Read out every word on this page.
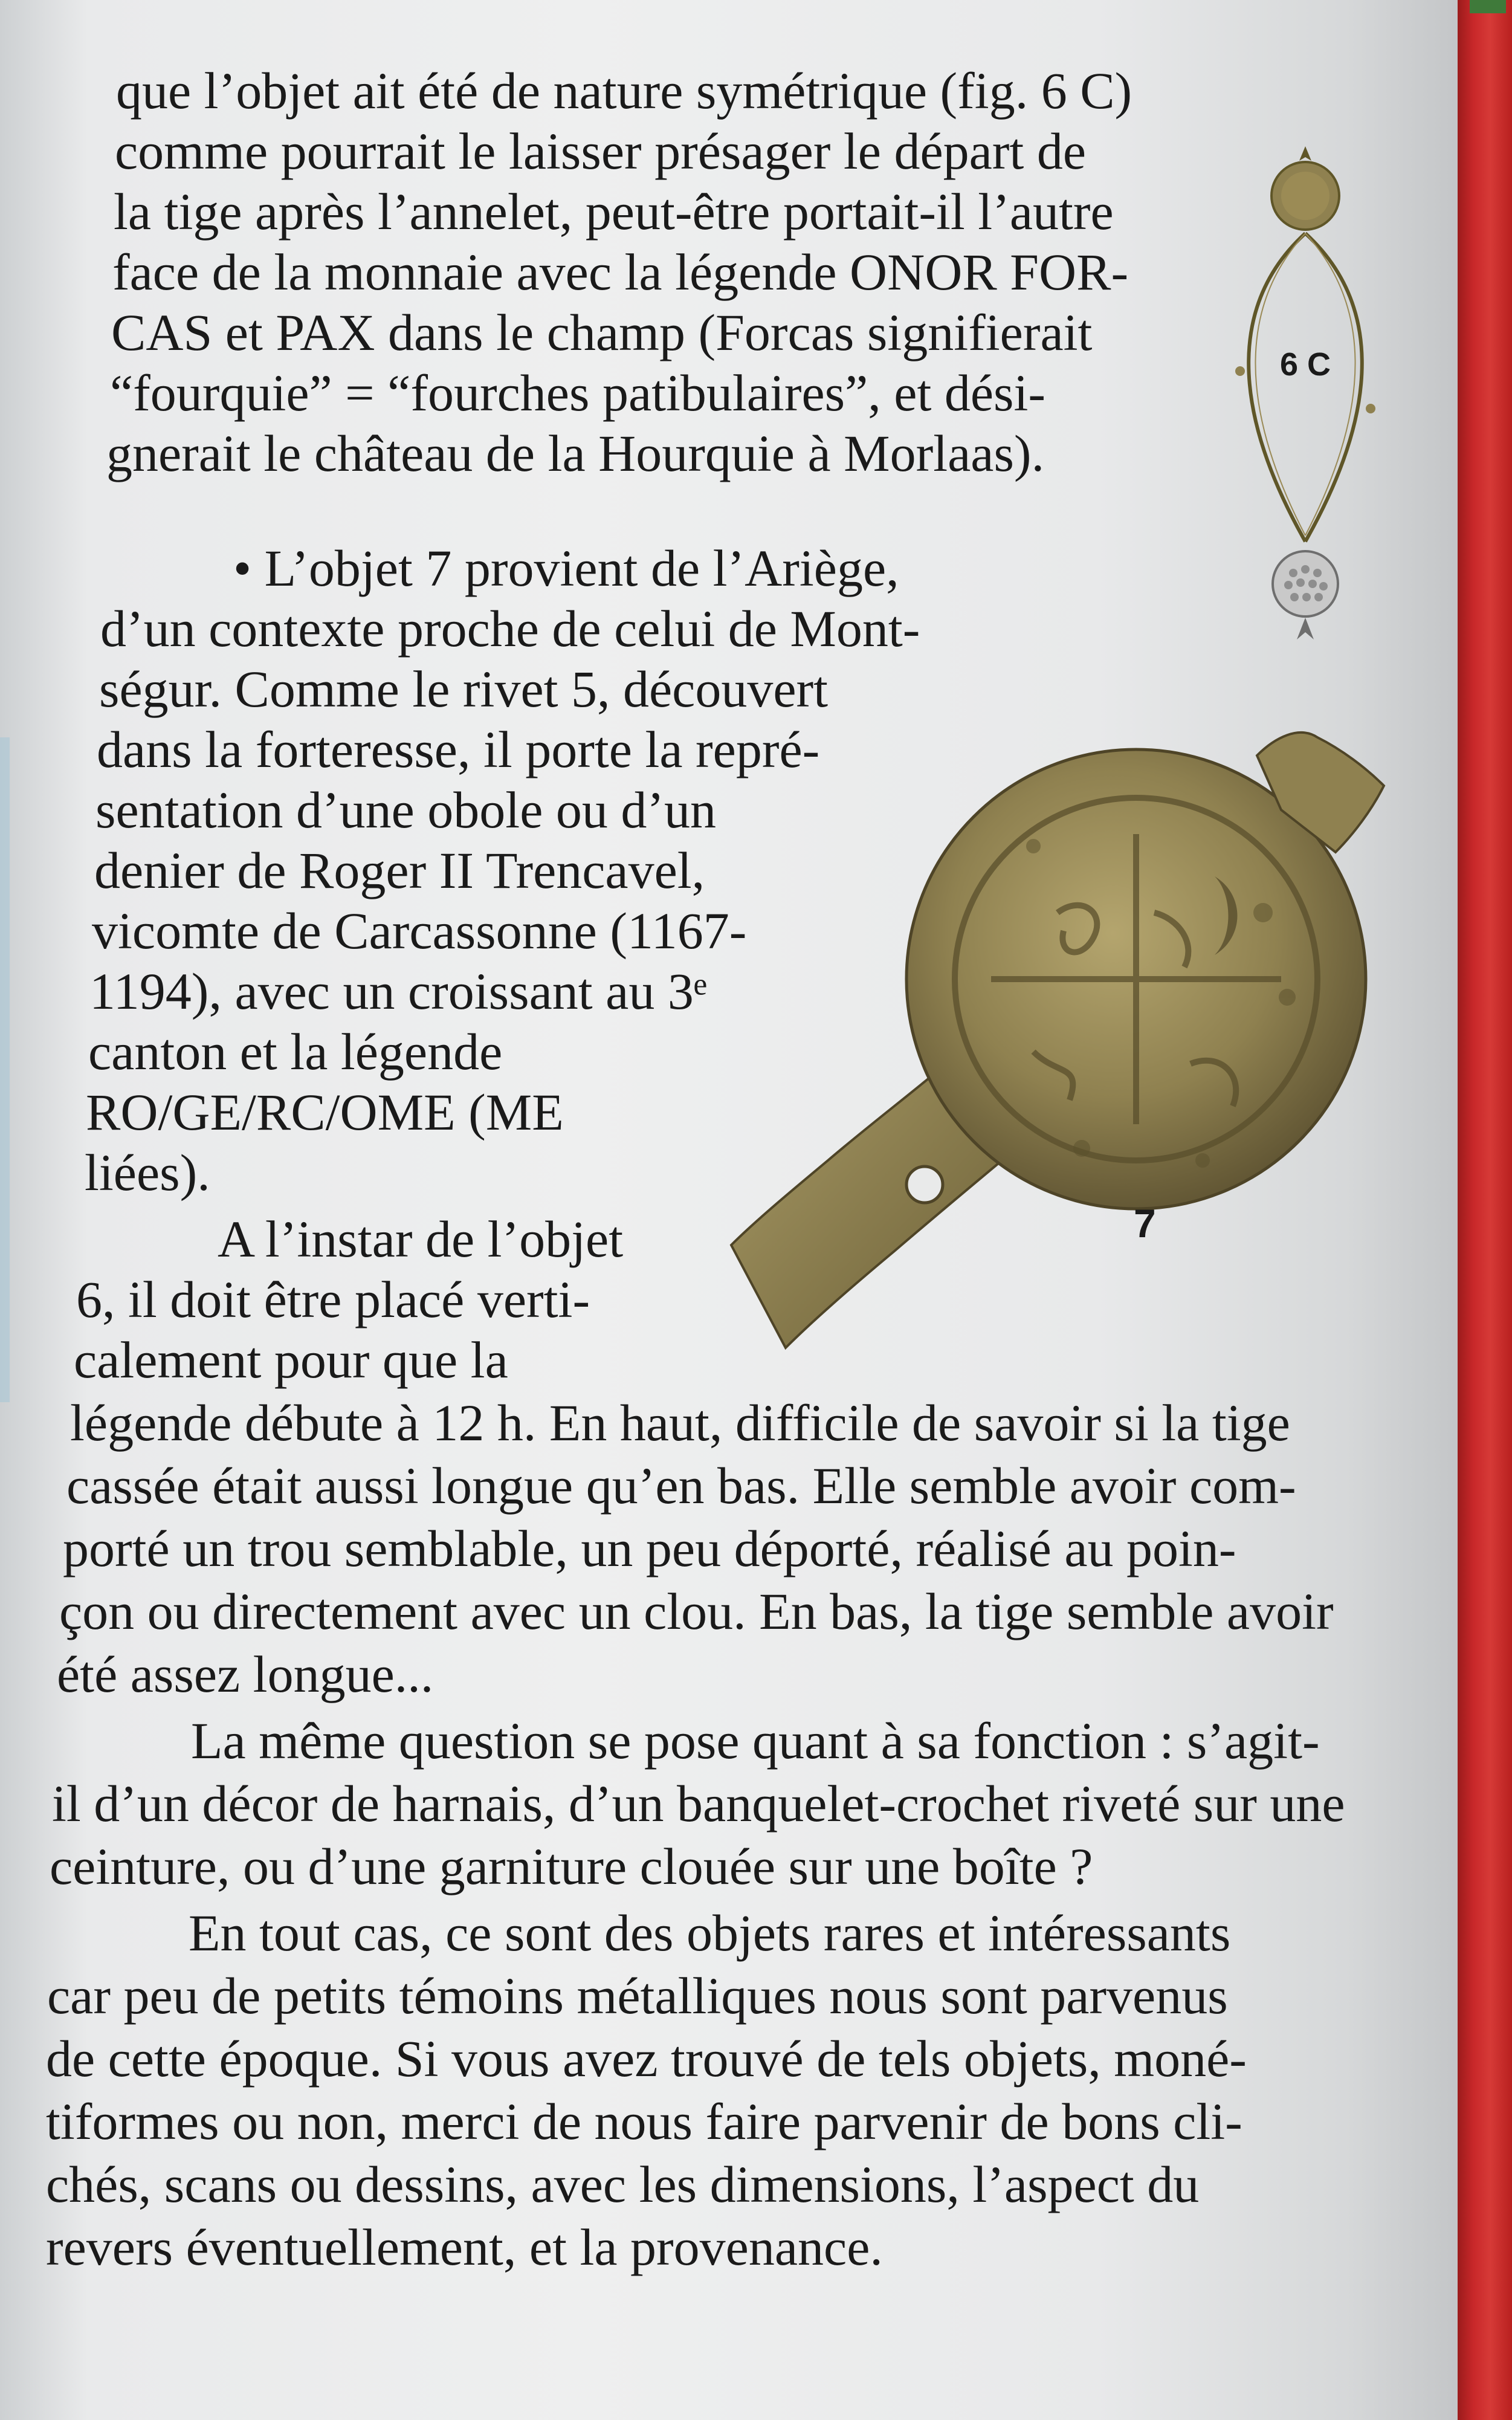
que l’objet ait été de nature symétrique (fig. 6 C)
comme pourrait le laisser présager le départ de
la tige après l’annelet, peut-être portait-il l’autre
face de la monnaie avec la légende ONOR FOR-
CAS et PAX dans le champ (Forcas signifierait
“fourquie” = “fourches patibulaires”, et dési-
gnerait le château de la Hourquie à Morlaas).
• L’objet 7 provient de l’Ariège,
d’un contexte proche de celui de Mont-
ségur. Comme le rivet 5, découvert
dans la forteresse, il porte la repré-
sentation d’une obole ou d’un
denier de Roger II Trencavel,
vicomte de Carcassonne (1167-
1194), avec un croissant au 3ᵉ
canton et la légende
RO/GE/RC/OME (ME
liées).
A l’instar de l’objet
6, il doit être placé verti-
calement pour que la
légende débute à 12 h. En haut, difficile de savoir si la tige
cassée était aussi longue qu’en bas. Elle semble avoir com-
porté un trou semblable, un peu déporté, réalisé au poin-
çon ou directement avec un clou. En bas, la tige semble avoir
été assez longue...
La même question se pose quant à sa fonction : s’agit-
il d’un décor de harnais, d’un banquelet-crochet riveté sur une
ceinture, ou d’une garniture clouée sur une boîte ?
En tout cas, ce sont des objets rares et intéressants
car peu de petits témoins métalliques nous sont parvenus
de cette époque. Si vous avez trouvé de tels objets, moné-
tiformes ou non, merci de nous faire parvenir de bons cli-
chés, scans ou dessins, avec les dimensions, l’aspect du
revers éventuellement, et la provenance.
6 C
7
